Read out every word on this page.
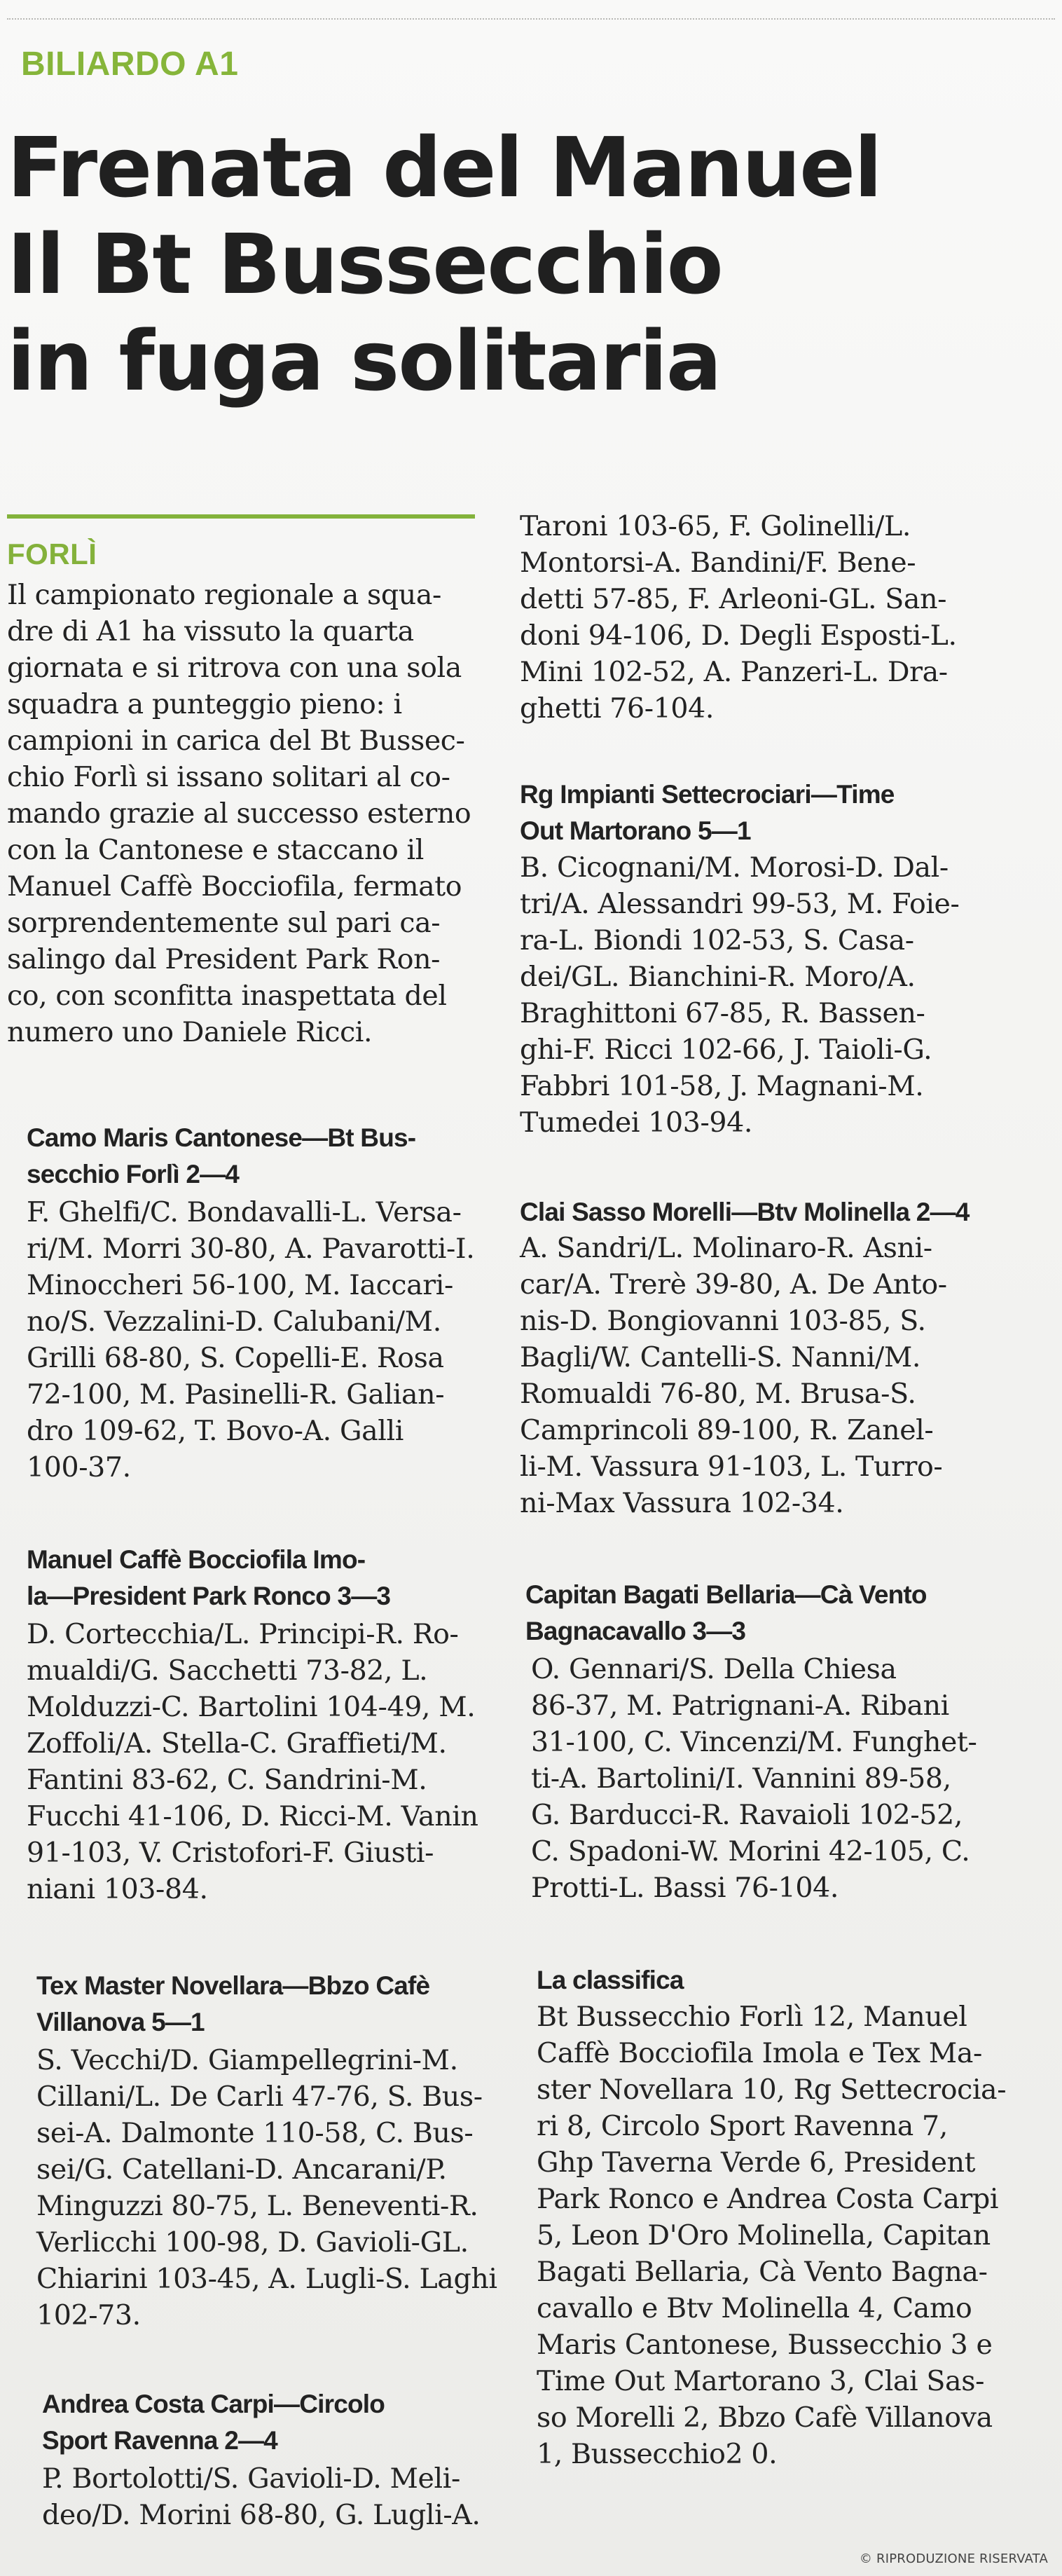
BILIARDO A1
Frenata del Manuel
Il Bt Bussecchio
in fuga solitaria
FORLÌ
Il campionato regionale a squa-
dre di A1 ha vissuto la quarta
giornata e si ritrova con una sola
squadra a punteggio pieno: i
campioni in carica del Bt Bussec-
chio Forlì si issano solitari al co-
mando grazie al successo esterno
con la Cantonese e staccano il
Manuel Caffè Bocciofila, fermato
sorprendentemente sul pari ca-
salingo dal President Park Ron-
co, con sconfitta inaspettata del
numero uno Daniele Ricci.
Camo Maris Cantonese—Bt Bus-
secchio Forlì 2—4
F. Ghelfi/C. Bondavalli-L. Versa-
ri/M. Morri 30-80, A. Pavarotti-I.
Minoccheri 56-100, M. Iaccari-
no/S. Vezzalini-D. Calubani/M.
Grilli 68-80, S. Copelli-E. Rosa
72-100, M. Pasinelli-R. Galian-
dro 109-62, T. Bovo-A. Galli
100-37.
Manuel Caffè Bocciofila Imo-
la—President Park Ronco 3—3
D. Cortecchia/L. Principi-R. Ro-
mualdi/G. Sacchetti 73-82, L.
Molduzzi-C. Bartolini 104-49, M.
Zoffoli/A. Stella-C. Graffieti/M.
Fantini 83-62, C. Sandrini-M.
Fucchi 41-106, D. Ricci-M. Vanin
91-103, V. Cristofori-F. Giusti-
niani 103-84.
Tex Master Novellara—Bbzo Cafè
Villanova 5—1
S. Vecchi/D. Giampellegrini-M.
Cillani/L. De Carli 47-76, S. Bus-
sei-A. Dalmonte 110-58, C. Bus-
sei/G. Catellani-D. Ancarani/P.
Minguzzi 80-75, L. Beneventi-R.
Verlicchi 100-98, D. Gavioli-GL.
Chiarini 103-45, A. Lugli-S. Laghi
102-73.
Andrea Costa Carpi—Circolo
Sport Ravenna 2—4
P. Bortolotti/S. Gavioli-D. Meli-
deo/D. Morini 68-80, G. Lugli-A.
Taroni 103-65, F. Golinelli/L.
Montorsi-A. Bandini/F. Bene-
detti 57-85, F. Arleoni-GL. San-
doni 94-106, D. Degli Esposti-L.
Mini 102-52, A. Panzeri-L. Dra-
ghetti 76-104.
Rg Impianti Settecrociari—Time
Out Martorano 5—1
B. Cicognani/M. Morosi-D. Dal-
tri/A. Alessandri 99-53, M. Foie-
ra-L. Biondi 102-53, S. Casa-
dei/GL. Bianchini-R. Moro/A.
Braghittoni 67-85, R. Bassen-
ghi-F. Ricci 102-66, J. Taioli-G.
Fabbri 101-58, J. Magnani-M.
Tumedei 103-94.
Clai Sasso Morelli—Btv Molinella 2—4
A. Sandri/L. Molinaro-R. Asni-
car/A. Trerè 39-80, A. De Anto-
nis-D. Bongiovanni 103-85, S.
Bagli/W. Cantelli-S. Nanni/M.
Romualdi 76-80, M. Brusa-S.
Camprincoli 89-100, R. Zanel-
li-M. Vassura 91-103, L. Turro-
ni-Max Vassura 102-34.
Capitan Bagati Bellaria—Cà Vento
Bagnacavallo 3—3
O. Gennari/S. Della Chiesa
86-37, M. Patrignani-A. Ribani
31-100, C. Vincenzi/M. Funghet-
ti-A. Bartolini/I. Vannini 89-58,
G. Barducci-R. Ravaioli 102-52,
C. Spadoni-W. Morini 42-105, C.
Protti-L. Bassi 76-104.
La classifica
Bt Bussecchio Forlì 12, Manuel
Caffè Bocciofila Imola e Tex Ma-
ster Novellara 10, Rg Settecrocia-
ri 8, Circolo Sport Ravenna 7,
Ghp Taverna Verde 6, President
Park Ronco e Andrea Costa Carpi
5, Leon D'Oro Molinella, Capitan
Bagati Bellaria, Cà Vento Bagna-
cavallo e Btv Molinella 4, Camo
Maris Cantonese, Bussecchio 3 e
Time Out Martorano 3, Clai Sas-
so Morelli 2, Bbzo Cafè Villanova
1, Bussecchio2 0.
© RIPRODUZIONE RISERVATA
